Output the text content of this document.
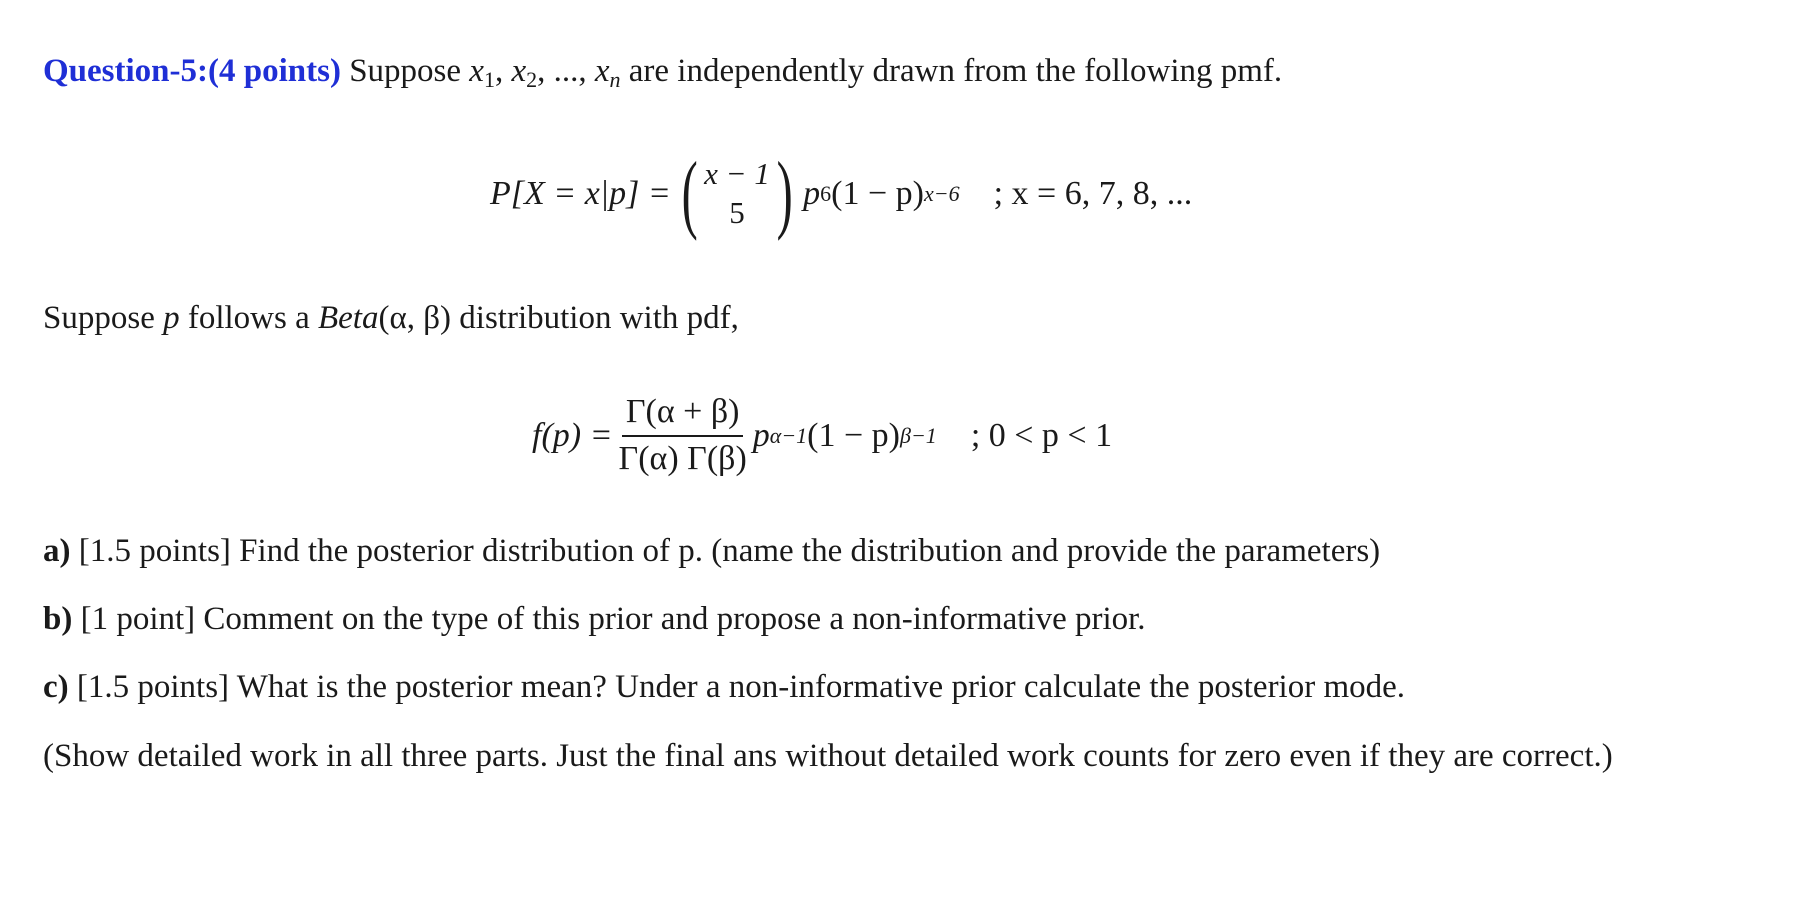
Question-5:(4 points) Suppose $x_1$, $x_2$, ..., $x_n$ are independently drawn from the following pmf.
P[X = x|p] = ( x − 1
5 ) p 6 (1 − p) x−6 ; x = 6, 7, 8, ...
Suppose p follows a Beta(α, β) distribution with pdf,
$f(p) = \frac{\Gamma(\alpha + \beta)}{\Gamma(\alpha) \Gamma(\beta)}$ p α−1 (1 − p) β−1 ; 0 < p < 1
a) [1.5 points] Find the posterior distribution of p. (name the distribution and provide the parameters)
b) [1 point] Comment on the type of this prior and propose a non-informative prior.
c) [1.5 points] What is the posterior mean? Under a non-informative prior calculate the posterior mode.
(Show detailed work in all three parts. Just the final ans without detailed work counts for zero even if they are correct.)
